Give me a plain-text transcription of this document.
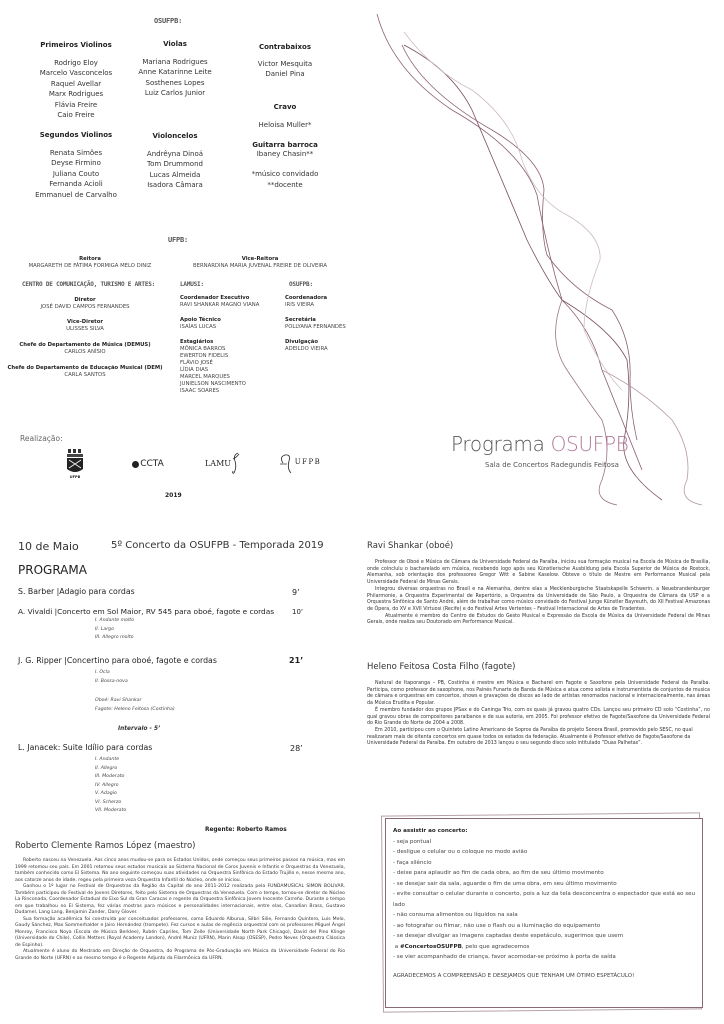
OSUFPB:
Primeiros Violinos
Rodrigo Eloy
Marcelo Vasconcelos
Raquel Avellar
Marx Rodrigues
Flávia Freire
Caio Freire
Segundos Violinos
Renata Simões
Deyse Firmino
Juliana Couto
Fernanda Acioli
Emmanuel de Carvalho
Violas
Mariana Rodrigues
Anne Katarinne Leite
Sosthenes Lopes
Luiz Carlos Junior
Violoncelos
Andrêyna Dinoá
Tom Drummond
Lucas Almeida
Isadora Câmara
Contrabaixos
Victor Mesquita
Daniel Pina
Cravo
Heloisa Muller*
Guitarra barroca
Ibaney Chasin**
*músico convidado
**docente
UFPB:
Reitora
MARGARETH DE FÁTIMA FORMIGA MELO DINIZ
Vice-Reitora
BERNARDINA MARIA JUVENAL FREIRE DE OLIVEIRA
CENTRO DE COMUNICAÇÃO, TURISMO E ARTES:
Diretor
JOSÉ DAVID CAMPOS FERNANDES
Vice-Diretor
ULISSES SILVA
Chefe do Departamento de Música (DEMUS)
CARLOS ANÍSIO
Chefe do Departamento de Educação Musical (DEM)
CARLA SANTOS
LAMUSI:
Coordenador Executivo
RAVI SHANKAR MAGNO VIANA
Apoio Técnico
ISAÍAS LUCAS
Estagiários
MÔNICA BARROS
EWERTON FIDELIS
FLÁVIO JOSÉ
LÍDIA DIAS
MARCEL MARQUES
JUNIELSON NASCIMENTO
ISAAC SOARES
OSUFPB:
Coordenadora
IRIS VIEIRA
Secretária
POLLYANA FERNANDES
Divulgação
ADEILDO VIEIRA
Realização:
UFPB
CCTA	LAMU	UFPB
2019
Programa OSUFPB
Sala de Concertos Radegundis Feitosa
10 de Maio	5º Concerto da OSUFPB - Temporada 2019
PROGRAMA
S. Barber |Adagio para cordas	9’
A. Vivaldi |Concerto em Sol Maior, RV 545 para oboé, fagote e cordas	10’
I. Andante molto
II. Largo
III. Allegro molto
J. G. Ripper |Concertino para oboé, fagote e cordas	21’
I. Ocla
II. Bossa-nova
Oboé: Ravi Shankar
Fagote: Heleno Feitosa (Costinha)
Intervalo - 5’
L. Janacek: Suite Idílio para cordas	28’
I. Andante
II. Allegro
III. Moderato
IV. Allegro
V. Adagio
VI. Scherzo
VII. Moderato
Regente: Roberto Ramos
Roberto Clemente Ramos López (maestro)

Roberto nasceu na Venezuela. Aos cinco anos mudou-se para os Estados Unidos, onde começou seus primeiros passos na música, mas em 1999 retomou seu país. Em 2001 retomou seus estudos musicais ao Sistema Nacional de Coros Juvenis e Infantis e Orquestras da Venezuela, também conhecido como El Sistema. No ano seguinte começou suas atividades na Orquestra Sinfônica do Estado Trujillo e, nesse mesmo ano, aos catorze anos de idade, regeu pela primeira veza Orquestra Infantil do Núcleo, onde se iniciou.

Ganhou o 1º lugar no Festival de Orquestras da Região da Capital do ano 2011-2012 realizada pela FUNDAMUSICAL SIMON BOLIVAR. Também participou do Festival de Jovens Diretores, feito pelo Sistema de Orquestras da Venezuela. Com o tempo, tornou-se diretor do Núcleo La Rinconada, Coordenador Estadual do Eixo Sul da Gran Caracas e regente da Orquestra Sinfônica Jovem Inocente Carreño. Durante o tempo em que trabalhou no El Sistema, fez várias mostras para músicos e personalidades internacionais, entre elas, Canadian Brass, Gustavo Dudamel, Lang Lang, Benjamin Zander, Dany Glover.

Sua formação acadêmica foi construída por conceituados professores, como Eduardo Alburua, Silbri Silie, Fernando Quintero, Luis Melo, Gaudy Sánchez, Max Sommerhalder e Jairo Hernández (trompete). Fez cursos e aulas de regência orquestral com os professores Miguel Ángel Monroy, Francisco Noya (Escola de Música Berklee), Rubén Capriles, Tom Zelle (Universidade North Park Chicago), David del Pino Klinge (Universidade do Chile), Collin Metters (Royal Academy London), André Muniz (UFRN), Marin Alsop (OSESP), Pedro Neves (Orquestra Clássica de Espinho).

Atualmente é aluno do Mestrado em Direção de Orquestra, do Programa de Pós-Graduação em Música da Universidade Federal do Rio Grande do Norte (UFRN) e ao mesmo tempo é o Regente Adjunto da Filarmônica da UFRN.

Ravi Shankar (oboé)

Professor de Oboé e Música de Câmara da Universidade Federal da Paraíba, iniciou sua formação musical na Escola de Música de Brasília, onde colnclulu o bacharelado em música, recebendo logo após seu Künstlerische Ausbildung pela Escola Superior de Música de Rostock, Alemanha, sob orientação dos professores Gregor Witt e Sabine Kaselow. Obteve o título de Mestre em Performance Musical pela Universidade Federal de Minas Gerais.

Integrou diversas orquestras no Brasil e na Alemanha, dentre elas a Mecklenburgische Staatskapelle Schwerin, a Neuebrandenburger Philarmonie, a Orquestra Experimental de Repertório, a Orquestra da Universidade de São Paulo, a Orquestra de Câmara da USP e a Orquestra Sinfônica de Santo André, além de trabalhar como músico convidado do Festival Junge Künstler Bayreuth, do XII Festival Amazonas de Ópera, do XV e XVII Virtuosi (Recife) e do Festival Artes Vertentes – Festival Internacional de Artes de Tiradentes.

Atualmente é membro do Centro de Estudos do Gesto Musical e Expressão da Escola de Música da Universidade Federal de Minas Gerais, onde realiza seu Doutorado em Performance Musical.

Heleno Feitosa Costa Filho (fagote)

Natural de Itaporanga – PB, Costinha é mestre em Música e Bacharel em Fagote e Saxofone pela Universidade Federal da Paraíba. Participa, como professor de saxophone, nos Painés Funarte de Banda de Música e atua como solista e instrumentista de conjuntos de musica de câmara e orquestras em concertos, shows e gravações de discos ao lado de artistas renomados nacional e internacionalmente, nas áreas da Música Erudita e Popular.

É membro fundador dos grupos JPSax e do Caninga Trio, com os quais já gravou quatro CDs. Lançou seu primeiro CD solo “Costinha”, no qual gravou obras de compositores paraibanos e de sua autoria, em 2005. Foi professor efetivo de Fagote/Saxofone da Universidade Federal do Rio Grande do Norte de 2004 a 2008.

Em 2010, participou com o Quinteto Latino Americano de Sopros da Paraíba do projeto Sonora Brasil, promovido pelo SESC, no qual realizaram mais de oitenta concertos em quase todos os estados da federação. Atualmente é Professor efetivo de Fagote/Saxofone da Universidade Federal da Paraíba. Em outubro de 2013 lançou o seu segundo disco solo intitulado “Duas Palhetas”.

Ao assistir ao concerto:
- seja pontual
- desligue o celular ou o coloque no modo avião
- faça silêncio
- deixe para aplaudir ao fim de cada obra, ao fim de seu último movimento
- se desejar sair da sala, aguarde o fim de uma obra, em seu último movimento
- evite consultar o celular durante o concerto, pois a luz da tela desconcentra o espectador que está ao seu lado
- não consuma alimentos ou líquidos na sala
- ao fotografar ou filmar, não use o flash ou a iluminação do equipamento
- se desejar divulgar as imagens captadas deste espetáculo, sugerimos que usem
a #ConcertosOSUFPB, pelo que agradecemos
- se vier acompanhado de criança, favor acomodar-se próximo à porta de saída
AGRADECEMOS A COMPREENSÃO E DESEJAMOS QUE TENHAM UM ÓTIMO ESPETÁCULO!
